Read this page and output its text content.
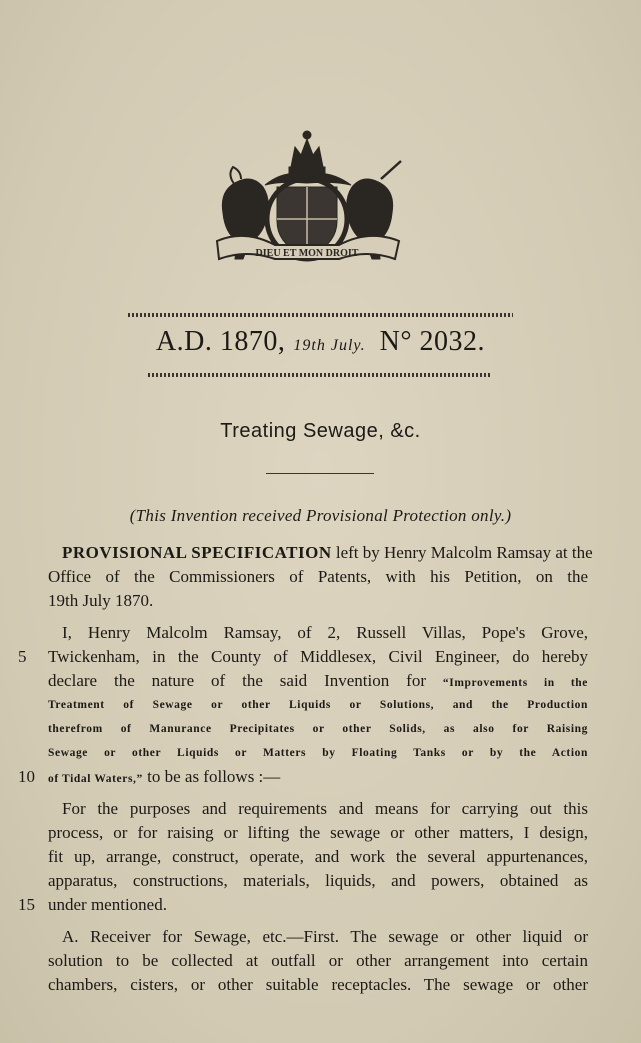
DIEU ET MON DROIT
A.D. 1870, 19th July. N° 2032.
Treating Sewage, &c.
(This Invention received Provisional Protection only.)
PROVISIONAL SPECIFICATION left by Henry Malcolm Ramsay at the
Office of the Commissioners of Patents, with his Petition, on the
19th July 1870.
I, Henry Malcolm Ramsay, of 2, Russell Villas, Pope's Grove,
5 Twickenham, in the County of Middlesex, Civil Engineer, do hereby
declare the nature of the said Invention for “Improvements in the
Treatment of Sewage or other Liquids or Solutions, and the Production
therefrom of Manurance Precipitates or other Solids, as also for Raising
Sewage or other Liquids or Matters by Floating Tanks or by the Action
10 of Tidal Waters,” to be as follows :—
For the purposes and requirements and means for carrying out this
process, or for raising or lifting the sewage or other matters, I design,
fit up, arrange, construct, operate, and work the several appurtenances,
apparatus, constructions, materials, liquids, and powers, obtained as
15 under mentioned.
A. Receiver for Sewage, etc.—First. The sewage or other liquid or
solution to be collected at outfall or other arrangement into certain
chambers, cisters, or other suitable receptacles. The sewage or other
